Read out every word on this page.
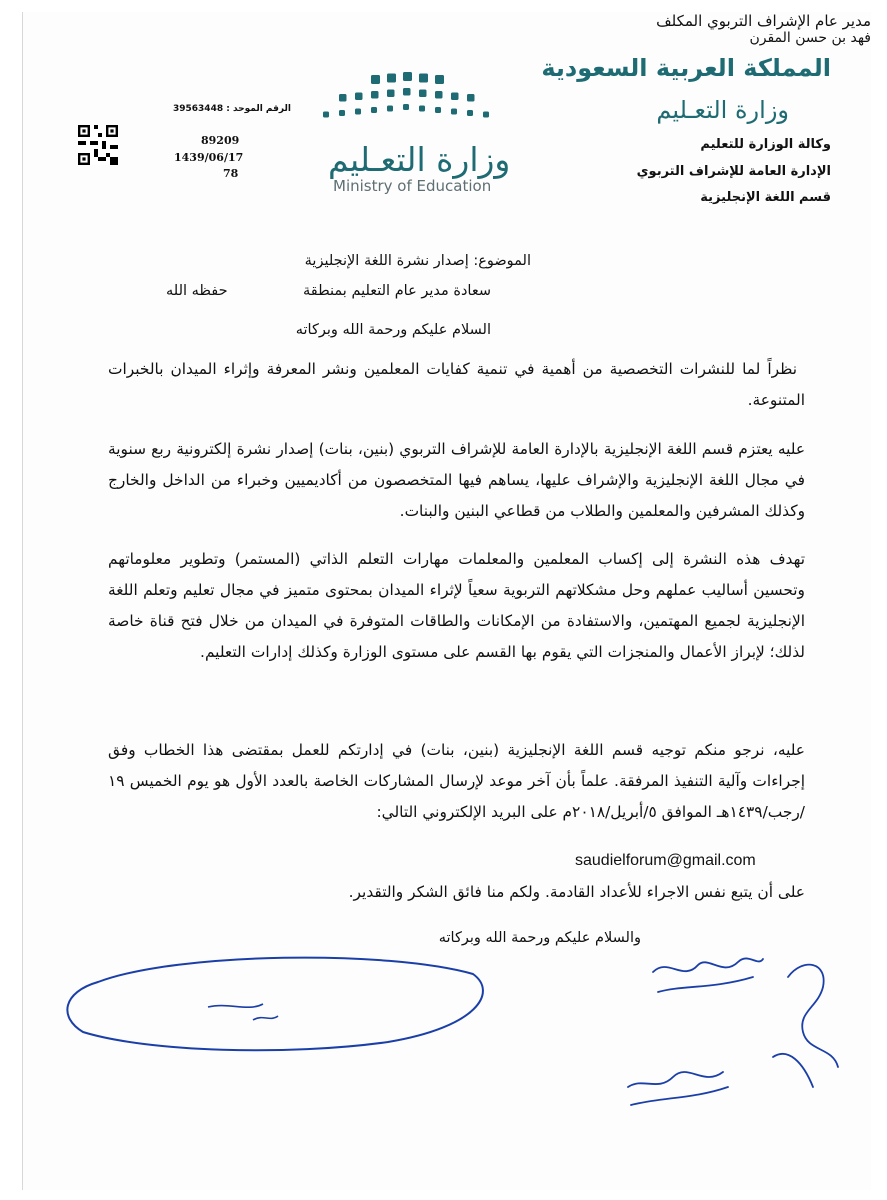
المملكة العربية السعودية
وزارة التعـليم
وكالة الوزارة للتعليم
الإدارة العامة للإشراف التربوي
قسم اللغة الإنجليزية
وزارة التعـليم
Ministry of Education
الرقم الموحد : 39563448
89209
1439/06/17
78
الموضوع: إصدار نشرة اللغة الإنجليزية
سعادة مدير عام التعليم بمنطقة
حفظه الله
السلام عليكم ورحمة الله وبركاته
نظراً لما للنشرات التخصصية من أهمية في تنمية كفايات المعلمين ونشر المعرفة وإثراء الميدان بالخبرات المتنوعة.
عليه يعتزم قسم اللغة الإنجليزية بالإدارة العامة للإشراف التربوي (بنين، بنات) إصدار نشرة إلكترونية ربع سنوية في مجال اللغة الإنجليزية والإشراف عليها، يساهم فيها المتخصصون من أكاديميين وخبراء من الداخل والخارج وكذلك المشرفين والمعلمين والطلاب من قطاعي البنين والبنات.
تهدف هذه النشرة إلى إكساب المعلمين والمعلمات مهارات التعلم الذاتي (المستمر) وتطوير معلوماتهم وتحسين أساليب عملهم وحل مشكلاتهم التربوية سعياً لإثراء الميدان بمحتوى متميز في مجال تعليم وتعلم اللغة الإنجليزية لجميع المهتمين، والاستفادة من الإمكانات والطاقات المتوفرة في الميدان من خلال فتح قناة خاصة لذلك؛ لإبراز الأعمال والمنجزات التي يقوم بها القسم على مستوى الوزارة وكذلك إدارات التعليم.
عليه، نرجو منكم توجيه قسم اللغة الإنجليزية (بنين، بنات) في إدارتكم للعمل بمقتضى هذا الخطاب وفق إجراءات وآلية التنفيذ المرفقة. علماً بأن آخر موعد لإرسال المشاركات الخاصة بالعدد الأول هو يوم الخميس ١٩ /رجب/١٤٣٩هـ الموافق ٥/أبريل/٢٠١٨م على البريد الإلكتروني التالي:
saudielforum@gmail.com
على أن يتبع نفس الاجراء للأعداد القادمة. ولكم منا فائق الشكر والتقدير.
والسلام عليكم ورحمة الله وبركاته
مدير عام الإشراف التربوي المكلف
فهد بن حسن المقرن
